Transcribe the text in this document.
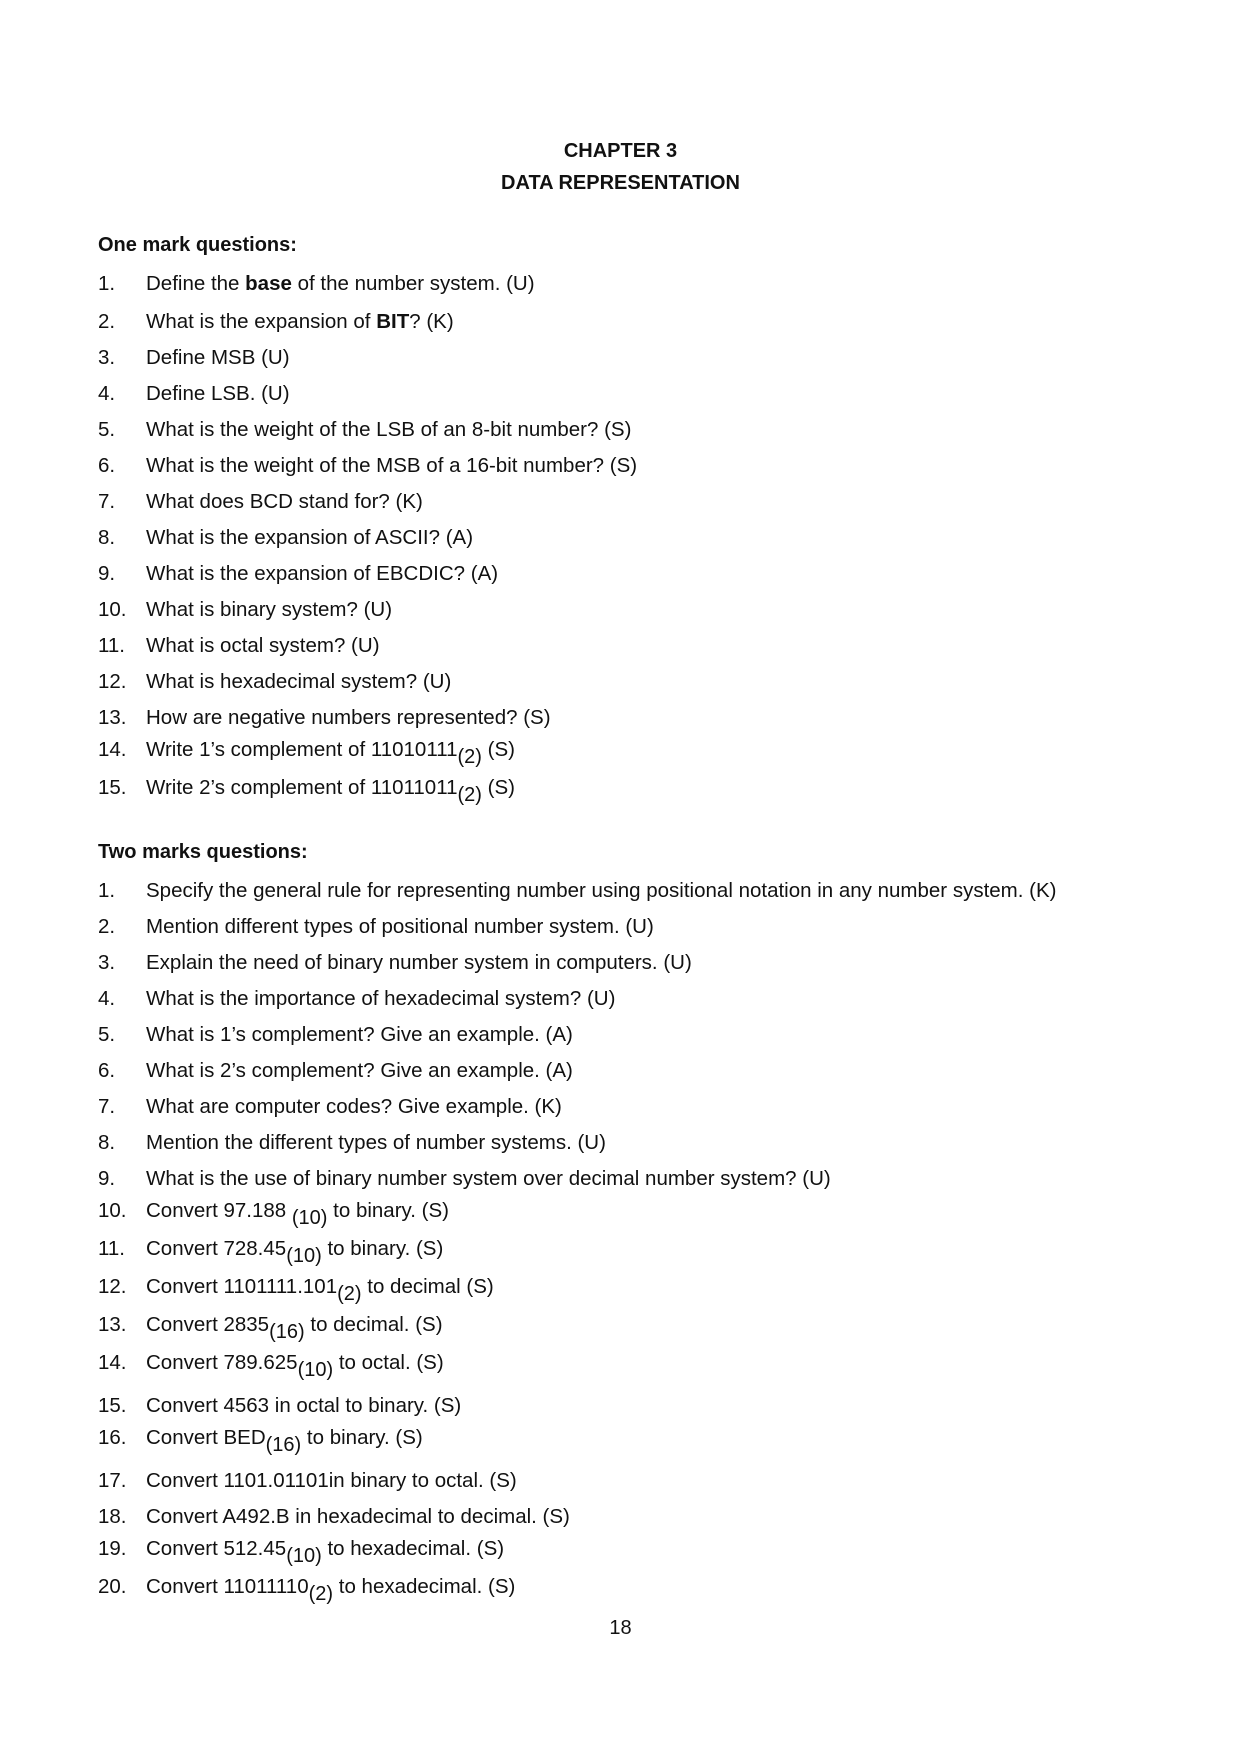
CHAPTER 3
DATA REPRESENTATION
One mark questions:
1. Define the base of the number system. (U)
2. What is the expansion of BIT? (K)
3. Define MSB (U)
4. Define LSB. (U)
5. What is the weight of the LSB of an 8-bit number? (S)
6. What is the weight of the MSB of a 16-bit number? (S)
7. What does BCD stand for? (K)
8. What is the expansion of ASCII? (A)
9. What is the expansion of EBCDIC? (A)
10. What is binary system? (U)
11. What is octal system? (U)
12. What is hexadecimal system? (U)
13. How are negative numbers represented? (S)
14. Write 1’s complement of 11010111(2) (S)
15. Write 2’s complement of 11011011(2) (S)
Two marks questions:
1. Specify the general rule for representing number using positional notation in any number system. (K)
2. Mention different types of positional number system. (U)
3. Explain the need of binary number system in computers. (U)
4. What is the importance of hexadecimal system? (U)
5. What is 1’s complement? Give an example. (A)
6. What is 2’s complement? Give an example. (A)
7. What are computer codes? Give example. (K)
8. Mention the different types of number systems. (U)
9. What is the use of binary number system over decimal number system? (U)
10. Convert 97.188 (10) to binary. (S)
11. Convert 728.45(10) to binary. (S)
12. Convert 1101111.101(2) to decimal (S)
13. Convert 2835(16) to decimal. (S)
14. Convert 789.625(10) to octal. (S)
15. Convert 4563 in octal to binary. (S)
16. Convert BED(16) to binary. (S)
17. Convert 1101.01101in binary to octal. (S)
18. Convert A492.B in hexadecimal to decimal. (S)
19. Convert 512.45(10) to hexadecimal. (S)
20. Convert 11011110(2) to hexadecimal. (S)
18
